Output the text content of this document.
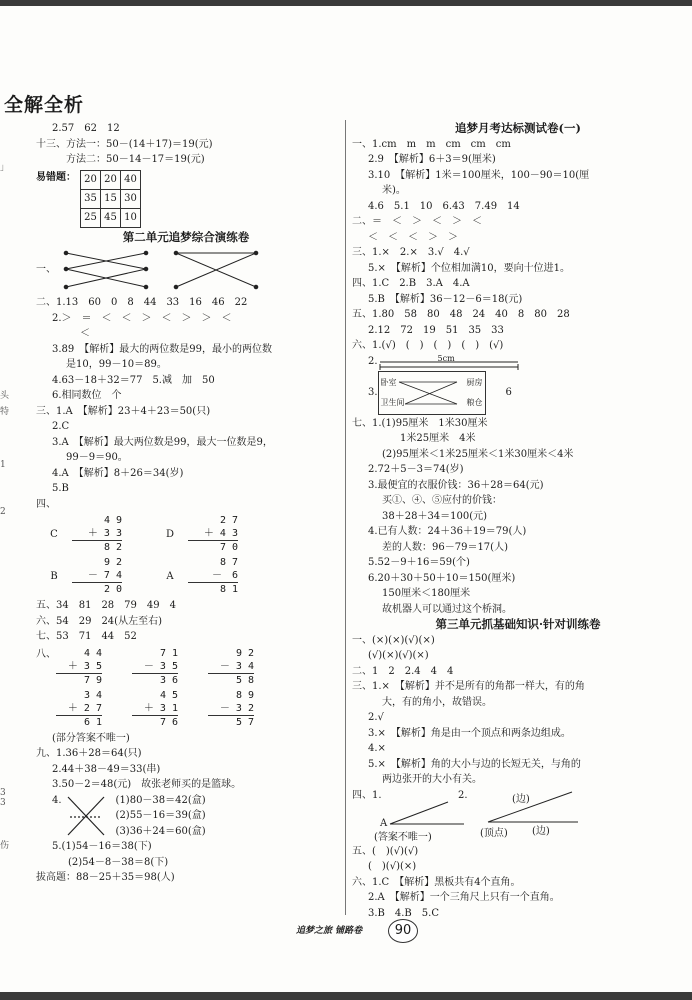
全解全析
」
头
特
1
2
3
3
伤

2.57　62　12

十三、方法一：50－(14＋17)＝19(元)

方法二：50－14－17＝19(元)

易错题： 20	20	40
35	15	30
25	45	10

第二单元追梦综合演练卷

一、

二、1.13　60　0　8　44　33　16　46　22

2.＞　＝　＜　＜　＞　＜　＞　＞　＜

＜

3.89　【解析】最大的两位数是99，最小的两位数

是10，99－10＝89。

4.63－18＋32＝77　5.减　加　50

6.相同数位　个

三、1.A　【解析】23＋4＋23＝50(只)

2.C

3.A　【解析】最大两位数是99，最大一位数是9，

99－9＝90。

4.A　【解析】8＋26＝34(岁)

5.B

四、

C
4 9
＋ 3 3
8 2
D
2 7
＋ 4 3
7 0
B
9 2
－ 7 4
2 0
A
8 7
－　6
8 1

五、34　81　28　79　49　4

六、54　29　24(从左至右)

七、53　71　44　52

八、	4 4
＋ 3 5
7 9
7 1
－ 3 5
3 6
9 2
－ 3 4
5 8
3 4
＋ 2 7
6 1
4 5
＋ 3 1
7 6
8 9
－ 3 2
5 7

(部分答案不唯一)

九、1.36＋28＝64(只)

2.44＋38－49＝33(串)

3.50－2＝48(元)　故张老师买的是篮球。

4.	(1)80－38＝42(盒)

(2)55－16＝39(盒)

(3)36＋24＝60(盒)

5.(1)54－16＝38(下)

(2)54－8－38＝8(下)

拔高题：88－25＋35＝98(人)

追梦月考达标测试卷(一)

一、1.cm　m　m　cm　cm　cm

2.9　【解析】6＋3＝9(厘米)

3.10　【解析】1米＝100厘米，100－90＝10(厘

米)。

4.6　5.1　10　6.43　7.49　14

二、＝　＜　＞　＜　＞　＜

＜　＜　＜　＞　＞

三、1.×　2.×　3.√　4.√

5.×　【解析】个位相加满10，要向十位进1。

四、1.C　2.B　3.A　4.A

5.B　【解析】36－12－6＝18(元)

五、1.80　58　80　48　24　40　8　80　28

2.12　72　19　51　35　33

六、1.(√)　(　)　(　)　(　)　(√)

2.	5cm
3.
卧室	厨房
卫生间	粮仓
6

七、1.(1)95厘米　1米30厘米

1米25厘米　4米

(2)95厘米＜1米25厘米＜1米30厘米＜4米

2.72＋5－3＝74(岁)

3.最便宜的衣服价钱：36＋28＝64(元)

买①、④、⑤应付的价钱：

38＋28＋34＝100(元)

4.已有人数：24＋36＋19＝79(人)

差的人数：96－79＝17(人)

5.52－9＋16＝59(个)

6.20＋30＋50＋10＝150(厘米)

150厘米＜180厘米

故机器人可以通过这个桥洞。

第三单元抓基础知识·针对训练卷

一、(×)(×)(√)(×)

(√)(×)(√)(×)

二、1　2　2.4　4　4

三、1.×　【解析】并不是所有的角都一样大，有的角

大，有的角小，故错误。

2.√

3.×　【解析】角是由一个顶点和两条边组成。

4.×

5.×　【解析】角的大小与边的长短无关，与角的

两边张开的大小有关。

四、1.	2.
A
(答案不唯一)
(边)
(顶点) (边)

五、(　)(√)(√)

(　)(√)(×)

六、1.C　【解析】黑板共有4个直角。

2.A　【解析】一个三角尺上只有一个直角。

3.B　4.B　5.C

追梦之旅 铺路卷	90
